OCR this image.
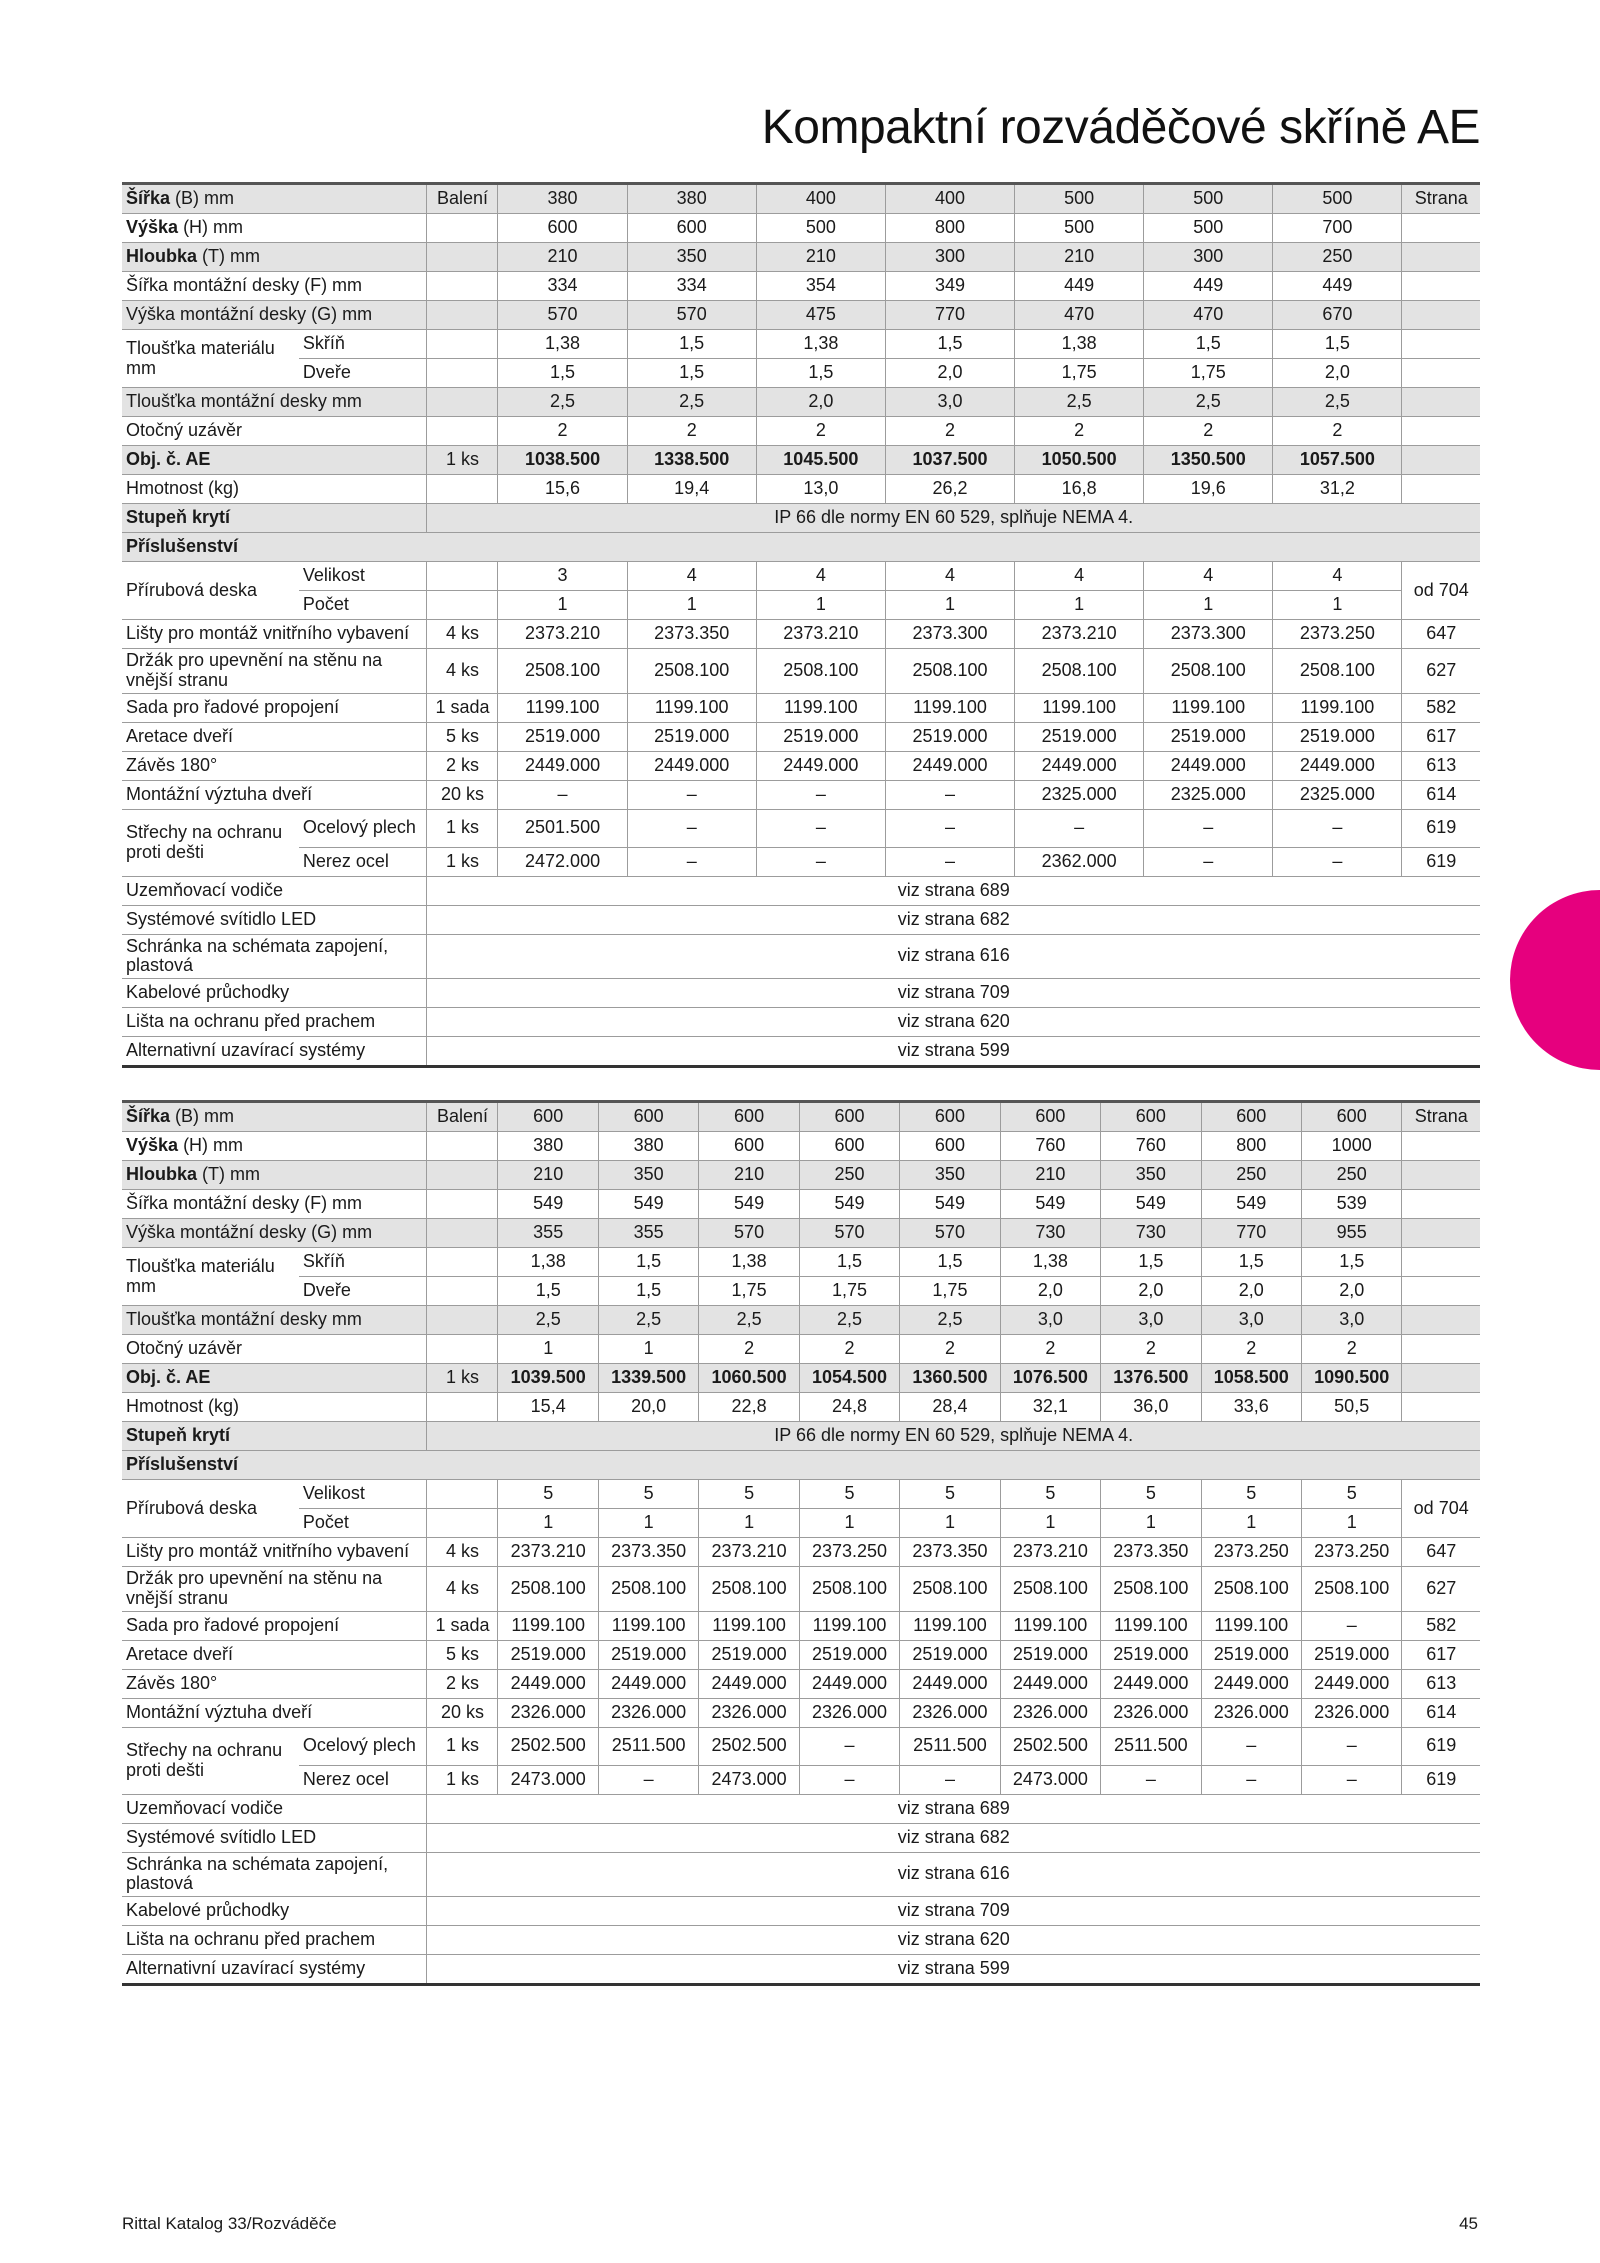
Kompaktní rozváděčové skříně AE
Šířka (B) mm		Balení	380	380	400	400	500	500	500	Strana
Výška (H) mm			600	600	500	800	500	500	700	
Hloubka (T) mm			210	350	210	300	210	300	250	
Šířka montážní desky (F) mm			334	334	354	349	449	449	449	
Výška montážní desky (G) mm			570	570	475	770	470	470	670	
Tloušťka materiálu mm	Skříň		1,38	1,5	1,38	1,5	1,38	1,5	1,5	
	Dveře		1,5	1,5	1,5	2,0	1,75	1,75	2,0	
Tloušťka montážní desky mm			2,5	2,5	2,0	3,0	2,5	2,5	2,5	
Otočný uzávěr			2	2	2	2	2	2	2	
Obj. č. AE		1 ks	1038.500	1338.500	1045.500	1037.500	1050.500	1350.500	1057.500	
Hmotnost (kg)			15,6	19,4	13,0	26,2	16,8	19,6	31,2	
Stupeň krytí		IP 66 dle normy EN 60 529, splňuje NEMA 4.								
Příslušenství										
Přírubová deska	Velikost		3	4	4	4	4	4	4	od 704
	Počet		1	1	1	1	1	1	1	
Lišty pro montáž vnitřního vybavení		4 ks	2373.210	2373.350	2373.210	2373.300	2373.210	2373.300	2373.250	647
Držák pro upevnění na stěnu na vnější stranu		4 ks	2508.100	2508.100	2508.100	2508.100	2508.100	2508.100	2508.100	627
Sada pro řadové propojení		1 sada	1199.100	1199.100	1199.100	1199.100	1199.100	1199.100	1199.100	582
Aretace dveří		5 ks	2519.000	2519.000	2519.000	2519.000	2519.000	2519.000	2519.000	617
Závěs 180°		2 ks	2449.000	2449.000	2449.000	2449.000	2449.000	2449.000	2449.000	613
Montážní výztuha dveří		20 ks	–	–	–	–	2325.000	2325.000	2325.000	614
Střechy na ochranu proti dešti	Ocelový plech	1 ks	2501.500	–	–	–	–	–	–	619
	Nerez ocel	1 ks	2472.000	–	–	–	2362.000	–	–	619
Uzemňovací vodiče		viz strana 689								
Systémové svítidlo LED		viz strana 682								
Schránka na schémata zapojení, plastová		viz strana 616								
Kabelové průchodky		viz strana 709								
Lišta na ochranu před prachem		viz strana 620								
Alternativní uzavírací systémy		viz strana 599								
Šířka (B) mm		Balení	600	600	600	600	600	600	600	600	600	Strana
Výška (H) mm			380	380	600	600	600	760	760	800	1000	
Hloubka (T) mm			210	350	210	250	350	210	350	250	250	
Šířka montážní desky (F) mm			549	549	549	549	549	549	549	549	539	
Výška montážní desky (G) mm			355	355	570	570	570	730	730	770	955	
Tloušťka materiálu mm	Skříň		1,38	1,5	1,38	1,5	1,5	1,38	1,5	1,5	1,5	
	Dveře		1,5	1,5	1,75	1,75	1,75	2,0	2,0	2,0	2,0	
Tloušťka montážní desky mm			2,5	2,5	2,5	2,5	2,5	3,0	3,0	3,0	3,0	
Otočný uzávěr			1	1	2	2	2	2	2	2	2	
Obj. č. AE		1 ks	1039.500	1339.500	1060.500	1054.500	1360.500	1076.500	1376.500	1058.500	1090.500	
Hmotnost (kg)			15,4	20,0	22,8	24,8	28,4	32,1	36,0	33,6	50,5	
Stupeň krytí		IP 66 dle normy EN 60 529, splňuje NEMA 4.										
Příslušenství												
Přírubová deska	Velikost		5	5	5	5	5	5	5	5	5	od 704
	Počet		1	1	1	1	1	1	1	1	1	
Lišty pro montáž vnitřního vybavení		4 ks	2373.210	2373.350	2373.210	2373.250	2373.350	2373.210	2373.350	2373.250	2373.250	647
Držák pro upevnění na stěnu na vnější stranu		4 ks	2508.100	2508.100	2508.100	2508.100	2508.100	2508.100	2508.100	2508.100	2508.100	627
Sada pro řadové propojení		1 sada	1199.100	1199.100	1199.100	1199.100	1199.100	1199.100	1199.100	1199.100	–	582
Aretace dveří		5 ks	2519.000	2519.000	2519.000	2519.000	2519.000	2519.000	2519.000	2519.000	2519.000	617
Závěs 180°		2 ks	2449.000	2449.000	2449.000	2449.000	2449.000	2449.000	2449.000	2449.000	2449.000	613
Montážní výztuha dveří		20 ks	2326.000	2326.000	2326.000	2326.000	2326.000	2326.000	2326.000	2326.000	2326.000	614
Střechy na ochranu proti dešti	Ocelový plech	1 ks	2502.500	2511.500	2502.500	–	2511.500	2502.500	2511.500	–	–	619
	Nerez ocel	1 ks	2473.000	–	2473.000	–	–	2473.000	–	–	–	619
Uzemňovací vodiče		viz strana 689										
Systémové svítidlo LED		viz strana 682										
Schránka na schémata zapojení, plastová		viz strana 616										
Kabelové průchodky		viz strana 709										
Lišta na ochranu před prachem		viz strana 620										
Alternativní uzavírací systémy		viz strana 599										
Rittal Katalog 33/Rozváděče	45
